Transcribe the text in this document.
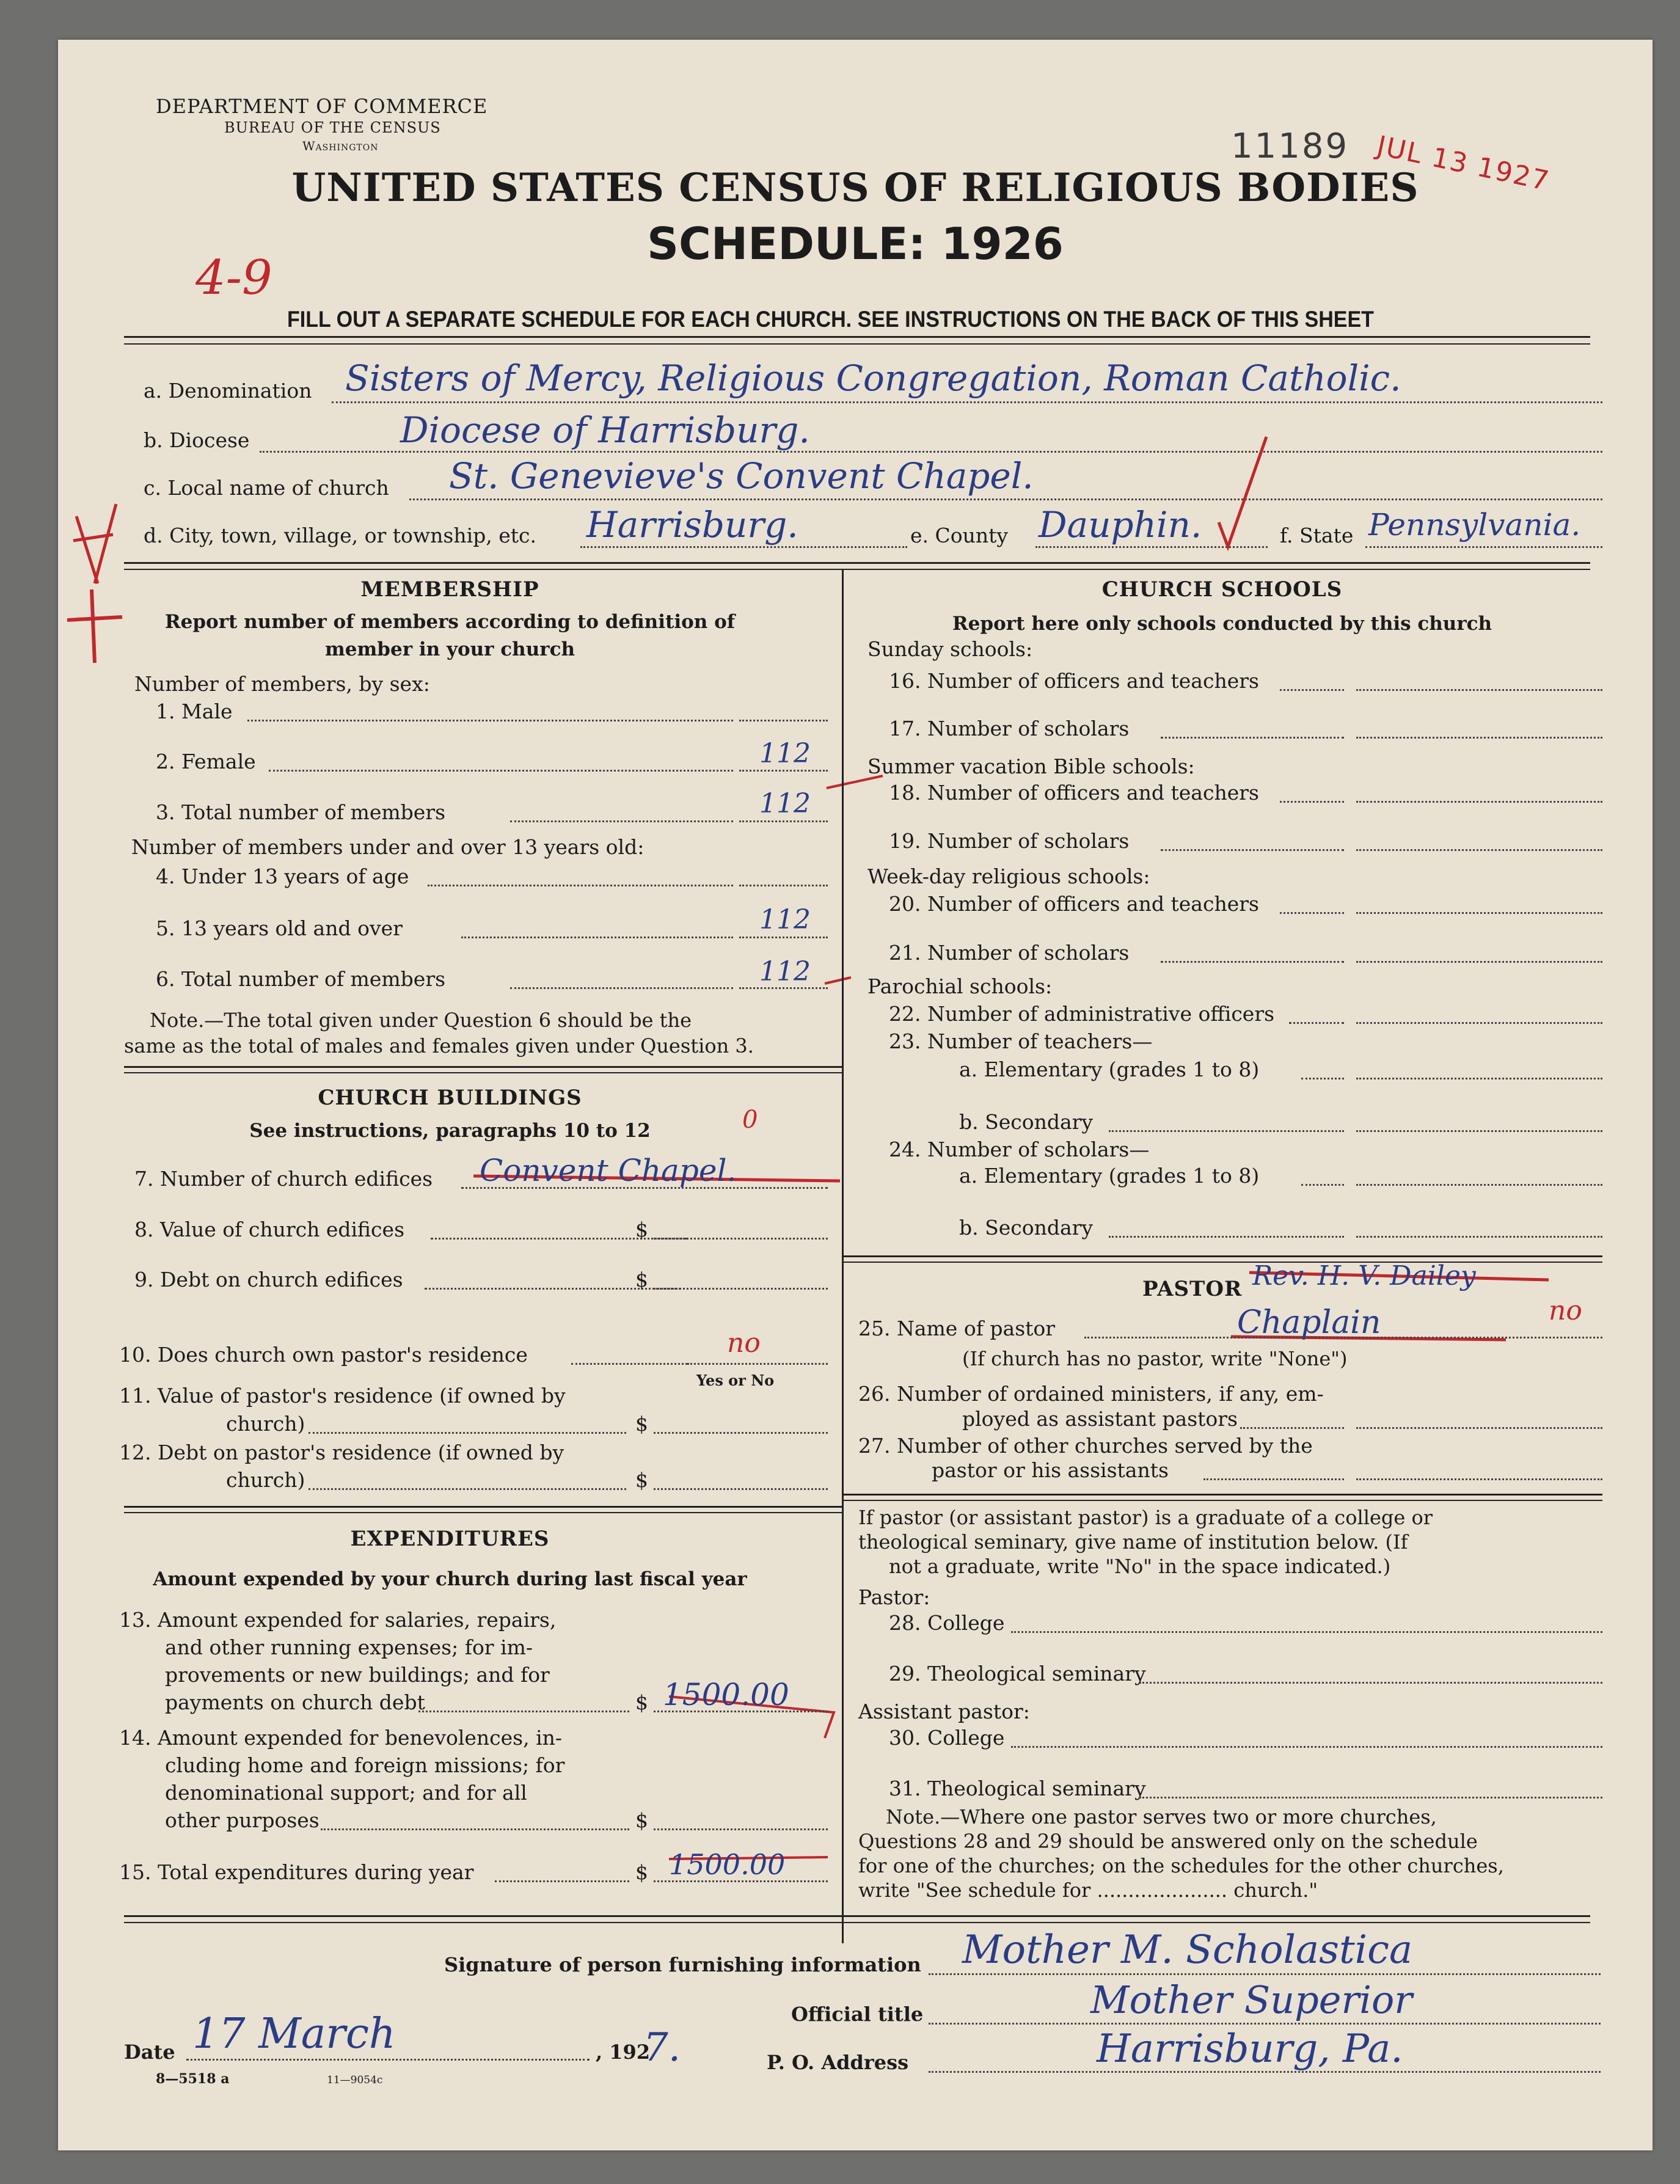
DEPARTMENT OF COMMERCE
BUREAU OF THE CENSUS
Washington	11189 JUL 13 1927
UNITED STATES CENSUS OF RELIGIOUS BODIES
SCHEDULE: 1926
4-9
FILL OUT A SEPARATE SCHEDULE FOR EACH CHURCH. SEE INSTRUCTIONS ON THE BACK OF THIS SHEET
a. Denomination Sisters of Mercy, Religious Congregation, Roman Catholic.
b. Diocese	Diocese of Harrisburg.
c. Local name of church St. Genevieve's Convent Chapel.
d. City, town, village, or township, etc. Harrisburg.	e. County Dauphin.	f. State Pennsylvania.
MEMBERSHIP
Report number of members according to definition of
member in your church
Number of members, by sex:
1. Male
2. Female	112
3. Total number of members	112
Number of members under and over 13 years old:
4. Under 13 years of age
5. 13 years old and over	112
6. Total number of members	112
Note.—The total given under Question 6 should be the
same as the total of males and females given under Question 3.
CHURCH BUILDINGS
See instructions, paragraphs 10 to 12	0
7. Number of church edifices Convent Chapel.
8. Value of church edifices	$
9. Debt on church edifices	$
10. Does church own pastor's residence	no
Yes or No
11. Value of pastor's residence (if owned by
church)	$
12. Debt on pastor's residence (if owned by
church)	$
EXPENDITURES
Amount expended by your church during last fiscal year
13. Amount expended for salaries, repairs,
and other running expenses; for im-
provements or new buildings; and for
payments on church debt	$ 1500.00
14. Amount expended for benevolences, in-
cluding home and foreign missions; for
denominational support; and for all
other purposes	$
15. Total expenditures during year	$ 1500.00
CHURCH SCHOOLS
Report here only schools conducted by this church
Sunday schools:
16. Number of officers and teachers
17. Number of scholars
Summer vacation Bible schools:
18. Number of officers and teachers
19. Number of scholars
Week-day religious schools:
20. Number of officers and teachers
21. Number of scholars
Parochial schools:
22. Number of administrative officers
23. Number of teachers—
a. Elementary (grades 1 to 8)
b. Secondary
24. Number of scholars—
a. Elementary (grades 1 to 8)
b. Secondary
PASTOR Rev. H. V. Dailey
25. Name of pastor	Chaplain	no
(If church has no pastor, write "None")
26. Number of ordained ministers, if any, em-
ployed as assistant pastors
27. Number of other churches served by the
pastor or his assistants
If pastor (or assistant pastor) is a graduate of a college or
theological seminary, give name of institution below. (If
not a graduate, write "No" in the space indicated.)
Pastor:
28. College
29. Theological seminary
Assistant pastor:
30. College
31. Theological seminary
Note.—Where one pastor serves two or more churches,
Questions 28 and 29 should be answered only on the schedule
for one of the churches; on the schedules for the other churches,
write "See schedule for ..................... church."
Signature of person furnishing information Mother M. Scholastica
Official title	Mother Superior
Date 17 March	, 192
7.	P. O. Address	Harrisburg, Pa.
8—5518 a	11—9054c
